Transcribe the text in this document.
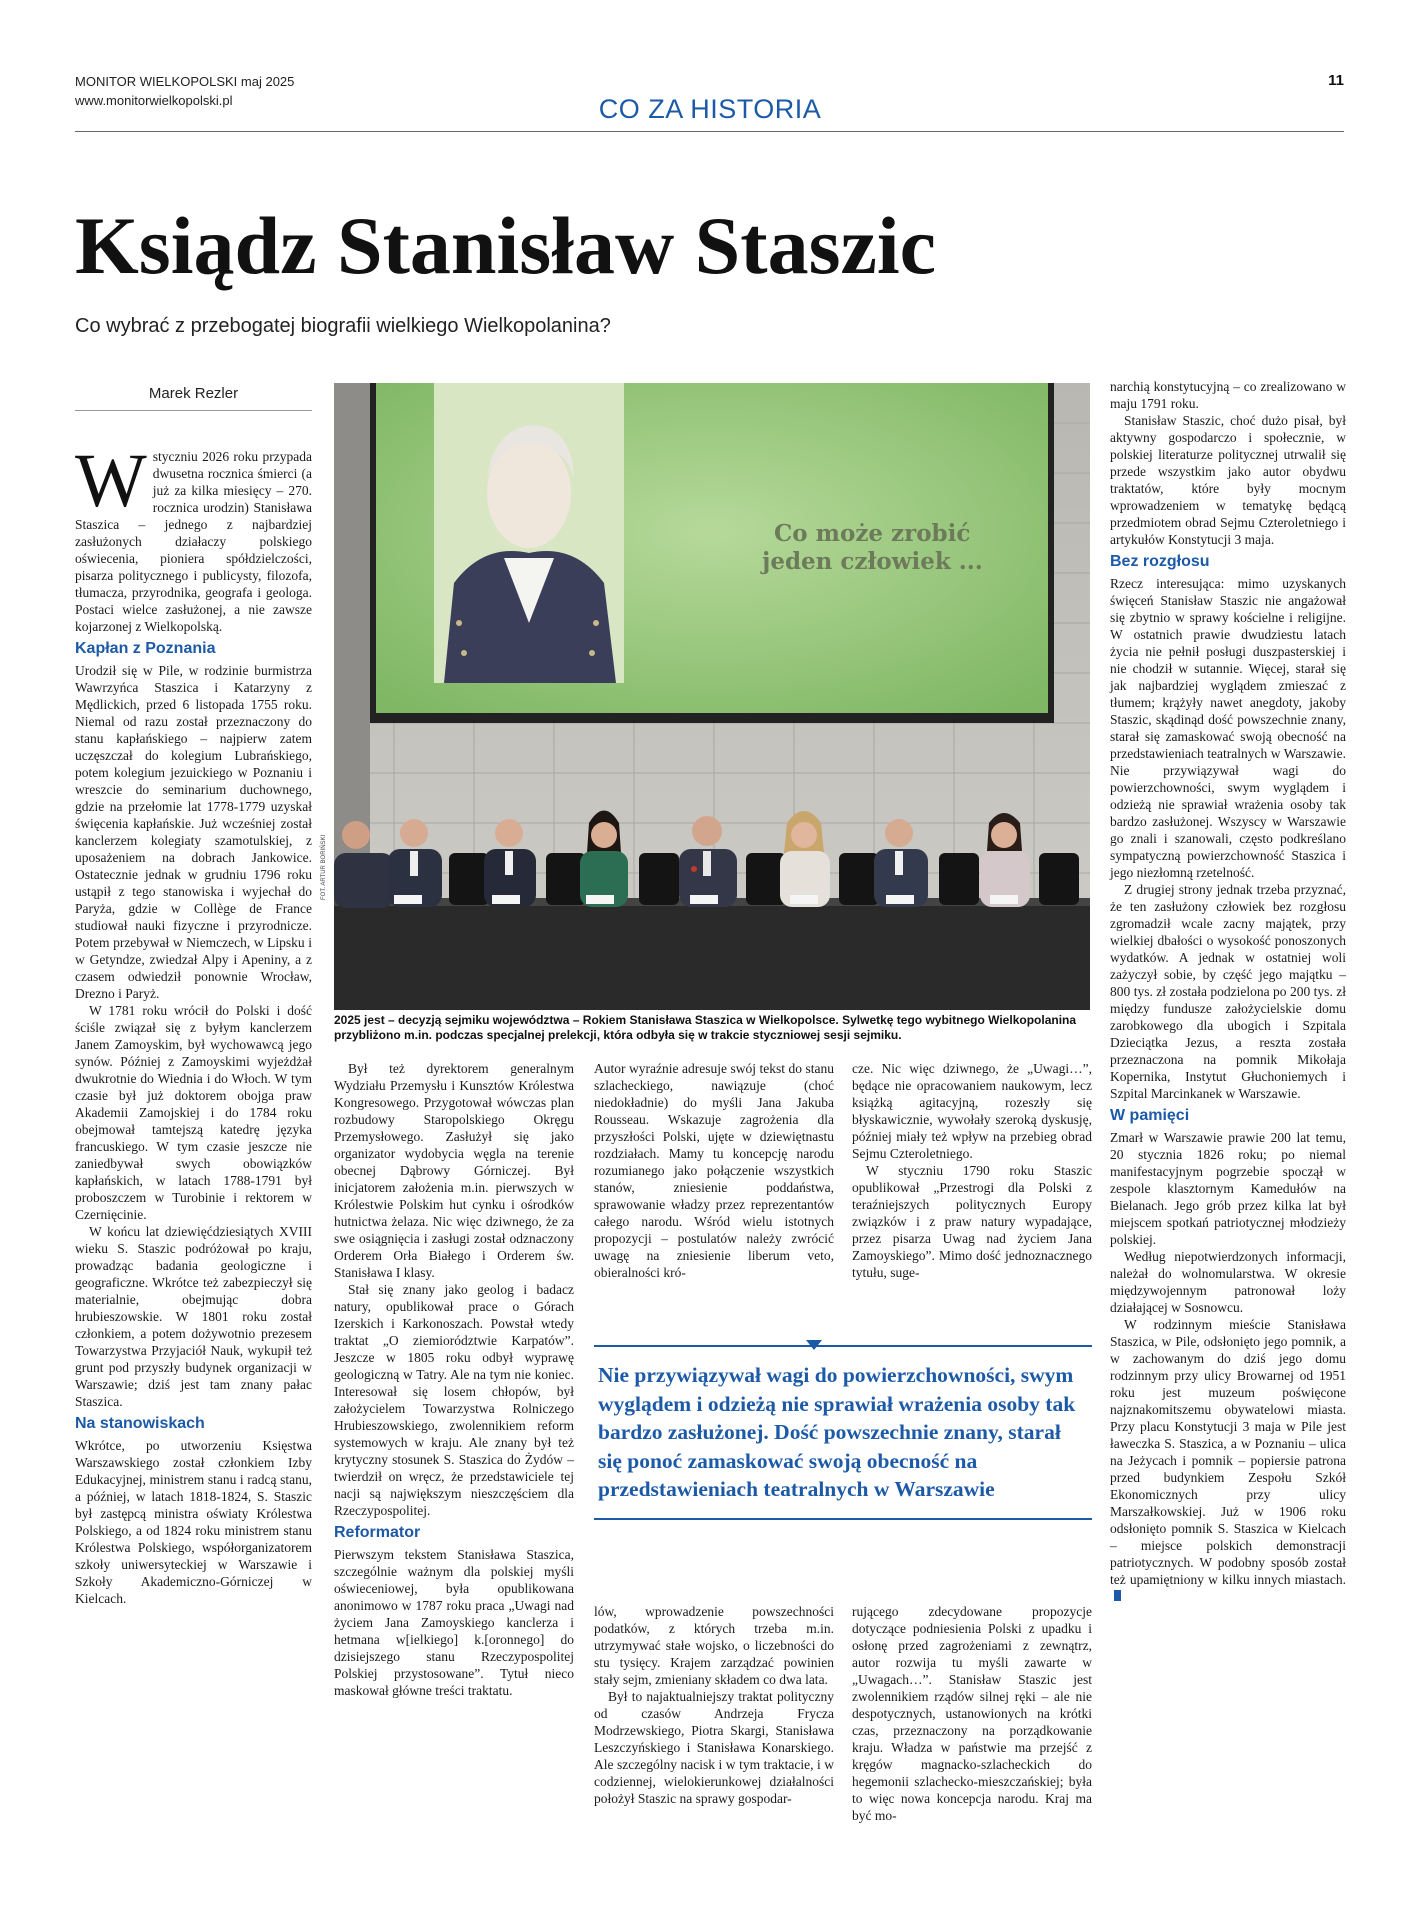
MONITOR WIELKOPOLSKI maj 2025
www.monitorwielkopolski.pl	CO ZA HISTORIA
11
Ksiądz Stanisław Staszic
Co wybrać z przebogatej biografii wielkiego Wielkopolanina?
Marek Rezler

Wstyczniu 2026 roku przypada dwusetna rocznica śmierci (a już za kilka miesięcy – 270. rocznica urodzin) Stanisława Staszica – jednego z najbardziej zasłużonych działaczy polskiego oświecenia, pioniera spółdzielczości, pisarza politycznego i publicysty, filozofa, tłumacza, przyrodnika, geografa i geologa. Postaci wielce zasłużonej, a nie zawsze kojarzonej z Wielkopolską.

Kapłan z Poznania

Urodził się w Pile, w rodzinie burmistrza Wawrzyńca Staszica i Katarzyny z Mędlickich, przed 6 listopada 1755 roku. Niemal od razu został przeznaczony do stanu kapłańskiego – najpierw zatem uczęszczał do kolegium Lubrańskiego, potem kolegium jezuickiego w Poznaniu i wreszcie do seminarium duchownego, gdzie na przełomie lat 1778-1779 uzyskał święcenia kapłańskie. Już wcześniej został kanclerzem kolegiaty szamotulskiej, z uposażeniem na dobrach Jankowice. Ostatecznie jednak w grudniu 1796 roku ustąpił z tego stanowiska i wyjechał do Paryża, gdzie w Collège de France studiował nauki fizyczne i przyrodnicze. Potem przebywał w Niemczech, w Lipsku i w Getyndze, zwiedzał Alpy i Apeniny, a z czasem odwiedził ponownie Wrocław, Drezno i Paryż.

W 1781 roku wrócił do Polski i dość ściśle związał się z byłym kanclerzem Janem Zamoyskim, był wychowawcą jego synów. Później z Zamoyskimi wyjeżdżał dwukrotnie do Wiednia i do Włoch. W tym czasie był już doktorem obojga praw Akademii Zamojskiej i do 1784 roku obejmował tamtejszą katedrę języka francuskiego. W tym czasie jeszcze nie zaniedbywał swych obowiązków kapłańskich, w latach 1788-1791 był proboszczem w Turobinie i rektorem w Czernięcinie.

W końcu lat dziewięćdziesiątych XVIII wieku S. Staszic podróżował po kraju, prowadząc badania geologiczne i geograficzne. Wkrótce też zabezpieczył się materialnie, obejmując dobra hrubieszowskie. W 1801 roku został członkiem, a potem dożywotnio prezesem Towarzystwa Przyjaciół Nauk, wykupił też grunt pod przyszły budynek organizacji w Warszawie; dziś jest tam znany pałac Staszica.

Na stanowiskach

Wkrótce, po utworzeniu Księstwa Warszawskiego został członkiem Izby Edukacyjnej, ministrem stanu i radcą stanu, a później, w latach 1818-1824, S. Staszic był zastępcą ministra oświaty Królestwa Polskiego, a od 1824 roku ministrem stanu Królestwa Polskiego, współorganizatorem szkoły uniwersyteckiej w Warszawie i Szkoły Akademiczno-Górniczej w Kielcach.

Co może zrobić
jeden człowiek ...
FOT. ARTUR BORIŃSKI
2025 jest – decyzją sejmiku województwa – Rokiem Stanisława Staszica w Wielkopolsce. Sylwetkę tego wybitnego Wielkopolanina przybliżono m.in. podczas specjalnej prelekcji, która odbyła się w trakcie styczniowej sesji sejmiku.

Był też dyrektorem generalnym Wydziału Przemysłu i Kunsztów Królestwa Kongresowego. Przygotował wówczas plan rozbudowy Staropolskiego Okręgu Przemysłowego. Zasłużył się jako organizator wydobycia węgla na terenie obecnej Dąbrowy Górniczej. Był inicjatorem założenia m.in. pierwszych w Królestwie Polskim hut cynku i ośrodków hutnictwa żelaza. Nic więc dziwnego, że za swe osiągnięcia i zasługi został odznaczony Orderem Orła Białego i Orderem św. Stanisława I klasy.

Stał się znany jako geolog i badacz natury, opublikował prace o Górach Izerskich i Karkonoszach. Powstał wtedy traktat „O ziemiorództwie Karpatów”. Jeszcze w 1805 roku odbył wyprawę geologiczną w Tatry. Ale na tym nie koniec. Interesował się losem chłopów, był założycielem Towarzystwa Rolniczego Hrubieszowskiego, zwolennikiem reform systemowych w kraju. Ale znany był też krytyczny stosunek S. Staszica do Żydów – twierdził on wręcz, że przedstawiciele tej nacji są największym nieszczęściem dla Rzeczypospolitej.

Reformator

Pierwszym tekstem Stanisława Staszica, szczególnie ważnym dla polskiej myśli oświeceniowej, była opublikowana anonimowo w 1787 roku praca „Uwagi nad życiem Jana Zamoyskiego kanclerza i hetmana w[ielkiego] k.[oronnego] do dzisiejszego stanu Rzeczypospolitej Polskiej przystosowane”. Tytuł nieco maskował główne treści traktatu.

Autor wyraźnie adresuje swój tekst do stanu szlacheckiego, nawiązuje (choć niedokładnie) do myśli Jana Jakuba Rousseau. Wskazuje zagrożenia dla przyszłości Polski, ujęte w dziewiętnastu rozdziałach. Mamy tu koncepcję narodu rozumianego jako połączenie wszystkich stanów, zniesienie poddaństwa, sprawowanie władzy przez reprezentantów całego narodu. Wśród wielu istotnych propozycji – postulatów należy zwrócić uwagę na zniesienie liberum veto, obieralności kró-

cze. Nic więc dziwnego, że „Uwagi…”, będące nie opracowaniem naukowym, lecz książką agitacyjną, rozeszły się błyskawicznie, wywołały szeroką dyskusję, później miały też wpływ na przebieg obrad Sejmu Czteroletniego.

W styczniu 1790 roku Staszic opublikował „Przestrogi dla Polski z teraźniejszych politycznych Europy związków i z praw natury wypadające, przez pisarza Uwag nad życiem Jana Zamoyskiego”. Mimo dość jednoznacznego tytułu, suge-

Nie przywiązywał wagi do powierzchowności, swym wyglądem i odzieżą nie sprawiał wrażenia osoby tak bardzo zasłużonej. Dość powszechnie znany, starał się ponoć zamaskować swoją obecność na przedstawieniach teatralnych w Warszawie

lów, wprowadzenie powszechności podatków, z których trzeba m.in. utrzymywać stałe wojsko, o liczebności do stu tysięcy. Krajem zarządzać powinien stały sejm, zmieniany składem co dwa lata.

Był to najaktualniejszy traktat polityczny od czasów Andrzeja Frycza Modrzewskiego, Piotra Skargi, Stanisława Leszczyńskiego i Stanisława Konarskiego. Ale szczególny nacisk i w tym traktacie, i w codziennej, wielokierunkowej działalności położył Staszic na sprawy gospodar-

rującego zdecydowane propozycje dotyczące podniesienia Polski z upadku i osłonę przed zagrożeniami z zewnątrz, autor rozwija tu myśli zawarte w „Uwagach…”. Stanisław Staszic jest zwolennikiem rządów silnej ręki – ale nie despotycznych, ustanowionych na krótki czas, przeznaczony na porządkowanie kraju. Władza w państwie ma przejść z kręgów magnacko-szlacheckich do hegemonii szlachecko-mieszczańskiej; była to więc nowa koncepcja narodu. Kraj ma być mo-

narchią konstytucyjną – co zrealizowano w maju 1791 roku.

Stanisław Staszic, choć dużo pisał, był aktywny gospodarczo i społecznie, w polskiej literaturze politycznej utrwalił się przede wszystkim jako autor obydwu traktatów, które były mocnym wprowadzeniem w tematykę będącą przedmiotem obrad Sejmu Czteroletniego i artykułów Konstytucji 3 maja.

Bez rozgłosu

Rzecz interesująca: mimo uzyskanych święceń Stanisław Staszic nie angażował się zbytnio w sprawy kościelne i religijne. W ostatnich prawie dwudziestu latach życia nie pełnił posługi duszpasterskiej i nie chodził w sutannie. Więcej, starał się jak najbardziej wyglądem zmieszać z tłumem; krążyły nawet anegdoty, jakoby Staszic, skądinąd dość powszechnie znany, starał się zamaskować swoją obecność na przedstawieniach teatralnych w Warszawie. Nie przywiązywał wagi do powierzchowności, swym wyglądem i odzieżą nie sprawiał wrażenia osoby tak bardzo zasłużonej. Wszyscy w Warszawie go znali i szanowali, często podkreślano sympatyczną powierzchowność Staszica i jego niezłomną rzetelność.

Z drugiej strony jednak trzeba przyznać, że ten zasłużony człowiek bez rozgłosu zgromadził wcale zacny majątek, przy wielkiej dbałości o wysokość ponoszonych wydatków. A jednak w ostatniej woli zażyczył sobie, by część jego majątku – 800 tys. zł została podzielona po 200 tys. zł między fundusze założycielskie domu zarobkowego dla ubogich i Szpitala Dzieciątka Jezus, a reszta została przeznaczona na pomnik Mikołaja Kopernika, Instytut Głuchoniemych i Szpital Marcinkanek w Warszawie.

W pamięci

Zmarł w Warszawie prawie 200 lat temu, 20 stycznia 1826 roku; po niemal manifestacyjnym pogrzebie spoczął w zespole klasztornym Kamedułów na Bielanach. Jego grób przez kilka lat był miejscem spotkań patriotycznej młodzieży polskiej.

Według niepotwierdzonych informacji, należał do wolnomularstwa. W okresie międzywojennym patronował loży działającej w Sosnowcu.

W rodzinnym mieście Stanisława Staszica, w Pile, odsłonięto jego pomnik, a w zachowanym do dziś jego domu rodzinnym przy ulicy Browarnej od 1951 roku jest muzeum poświęcone najznakomitszemu obywatelowi miasta. Przy placu Konstytucji 3 maja w Pile jest ławeczka S. Staszica, a w Poznaniu – ulica na Jeżycach i pomnik – popiersie patrona przed budynkiem Zespołu Szkół Ekonomicznych przy ulicy Marszałkowskiej. Już w 1906 roku odsłonięto pomnik S. Staszica w Kielcach – miejsce polskich demonstracji patriotycznych. W podobny sposób został też upamiętniony w kilku innych miastach.
